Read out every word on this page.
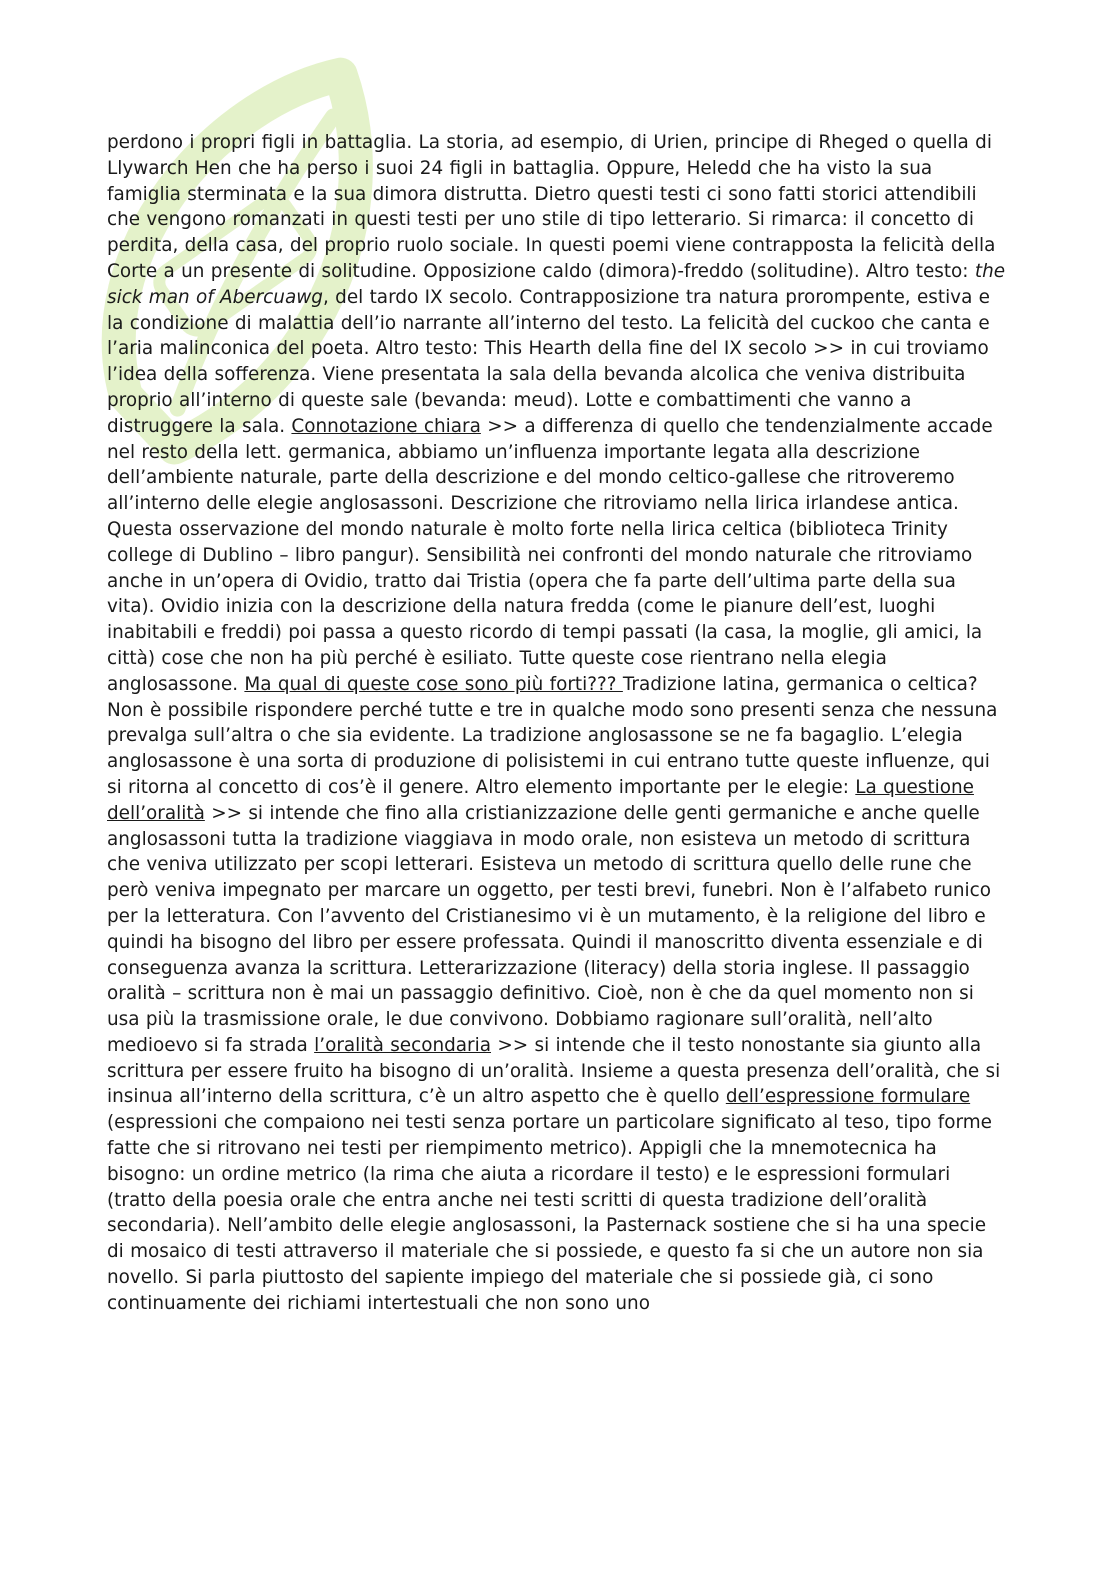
perdono i propri figli in battaglia. La storia, ad esempio, di Urien, principe di Rheged o quella di Llywarch Hen che ha perso i suoi 24 figli in battaglia. Oppure, Heledd che ha visto la sua famiglia sterminata e la sua dimora distrutta. Dietro questi testi ci sono fatti storici attendibili che vengono romanzati in questi testi per uno stile di tipo letterario. Si rimarca: il concetto di perdita, della casa, del proprio ruolo sociale. In questi poemi viene contrapposta la felicità della Corte a un presente di solitudine. Opposizione caldo (dimora)-freddo (solitudine). Altro testo: the sick man of Abercuawg, del tardo IX secolo. Contrapposizione tra natura prorompente, estiva e la condizione di malattia dell’io narrante all’interno del testo. La felicità del cuckoo che canta e l’aria malinconica del poeta. Altro testo: This Hearth della fine del IX secolo >> in cui troviamo l’idea della sofferenza. Viene presentata la sala della bevanda alcolica che veniva distribuita proprio all’interno di queste sale (bevanda: meud). Lotte e combattimenti che vanno a distruggere la sala. Connotazione chiara >> a differenza di quello che tendenzialmente accade nel resto della lett. germanica, abbiamo un’influenza importante legata alla descrizione dell’ambiente naturale, parte della descrizione e del mondo celtico-gallese che ritroveremo all’interno delle elegie anglosassoni. Descrizione che ritroviamo nella lirica irlandese antica. Questa osservazione del mondo naturale è molto forte nella lirica celtica (biblioteca Trinity college di Dublino – libro pangur). Sensibilità nei confronti del mondo naturale che ritroviamo anche in un’opera di Ovidio, tratto dai Tristia (opera che fa parte dell’ultima parte della sua vita). Ovidio inizia con la descrizione della natura fredda (come le pianure dell’est, luoghi inabitabili e freddi) poi passa a questo ricordo di tempi passati (la casa, la moglie, gli amici, la città) cose che non ha più perché è esiliato. Tutte queste cose rientrano nella elegia anglosassone. Ma qual di queste cose sono più forti??? Tradizione latina, germanica o celtica? Non è possibile rispondere perché tutte e tre in qualche modo sono presenti senza che nessuna prevalga sull’altra o che sia evidente. La tradizione anglosassone se ne fa bagaglio. L’elegia anglosassone è una sorta di produzione di polisistemi in cui entrano tutte queste influenze, qui si ritorna al concetto di cos’è il genere. Altro elemento importante per le elegie: La questione dell’oralità >> si intende che fino alla cristianizzazione delle genti germaniche e anche quelle anglosassoni tutta la tradizione viaggiava in modo orale, non esisteva un metodo di scrittura che veniva utilizzato per scopi letterari. Esisteva un metodo di scrittura quello delle rune che però veniva impegnato per marcare un oggetto, per testi brevi, funebri. Non è l’alfabeto runico per la letteratura. Con l’avvento del Cristianesimo vi è un mutamento, è la religione del libro e quindi ha bisogno del libro per essere professata. Quindi il manoscritto diventa essenziale e di conseguenza avanza la scrittura. Letterarizzazione (literacy) della storia inglese. Il passaggio oralità – scrittura non è mai un passaggio definitivo. Cioè, non è che da quel momento non si usa più la trasmissione orale, le due convivono. Dobbiamo ragionare sull’oralità, nell’alto medioevo si fa strada l’oralità secondaria >> si intende che il testo nonostante sia giunto alla scrittura per essere fruito ha bisogno di un’oralità. Insieme a questa presenza dell’oralità, che si insinua all’interno della scrittura, c’è un altro aspetto che è quello dell’espressione formulare (espressioni che compaiono nei testi senza portare un particolare significato al teso, tipo forme fatte che si ritrovano nei testi per riempimento metrico). Appigli che la mnemotecnica ha bisogno: un ordine metrico (la rima che aiuta a ricordare il testo) e le espressioni formulari (tratto della poesia orale che entra anche nei testi scritti di questa tradizione dell’oralità secondaria). Nell’ambito delle elegie anglosassoni, la Pasternack sostiene che si ha una specie di mosaico di testi attraverso il materiale che si possiede, e questo fa si che un autore non sia novello. Si parla piuttosto del sapiente impiego del materiale che si possiede già, ci sono continuamente dei richiami intertestuali che non sono uno
